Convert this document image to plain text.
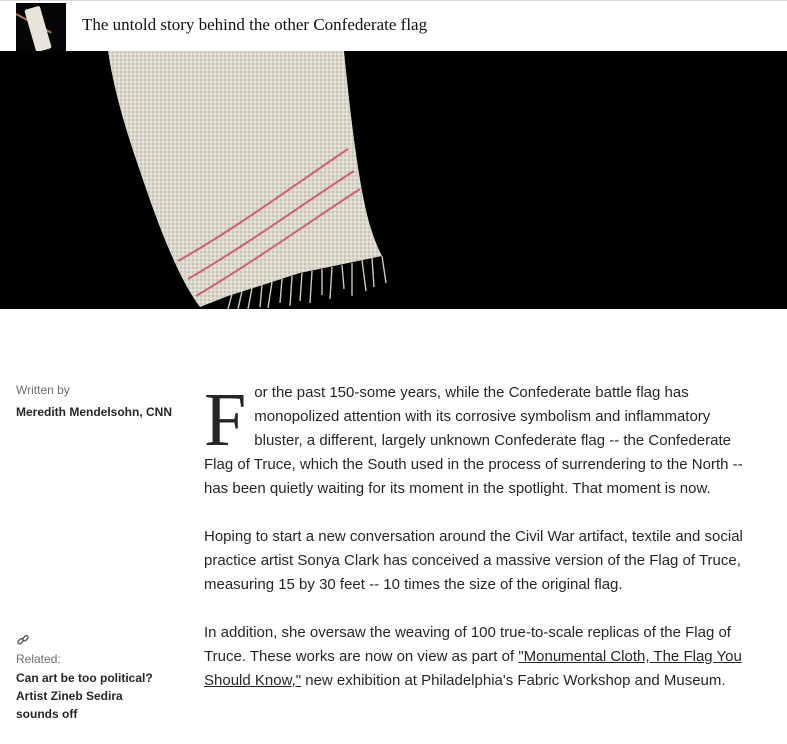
The untold story behind the other Confederate flag
Written by
Meredith Mendelsohn, CNN
Related:
Can art be too political? Artist Zineb Sedira sounds off

For the past 150-some years, while the Confederate battle flag has monopolized attention with its corrosive symbolism and inflammatory bluster, a different, largely unknown Confederate flag -- the Confederate Flag of Truce, which the South used in the process of surrendering to the North -- has been quietly waiting for its moment in the spotlight. That moment is now.

Hoping to start a new conversation around the Civil War artifact, textile and social practice artist Sonya Clark has conceived a massive version of the Flag of Truce, measuring 15 by 30 feet -- 10 times the size of the original flag.

In addition, she oversaw the weaving of 100 true-to-scale replicas of the Flag of Truce. These works are now on view as part of "Monumental Cloth, The Flag You Should Know," new exhibition at Philadelphia's Fabric Workshop and Museum.
